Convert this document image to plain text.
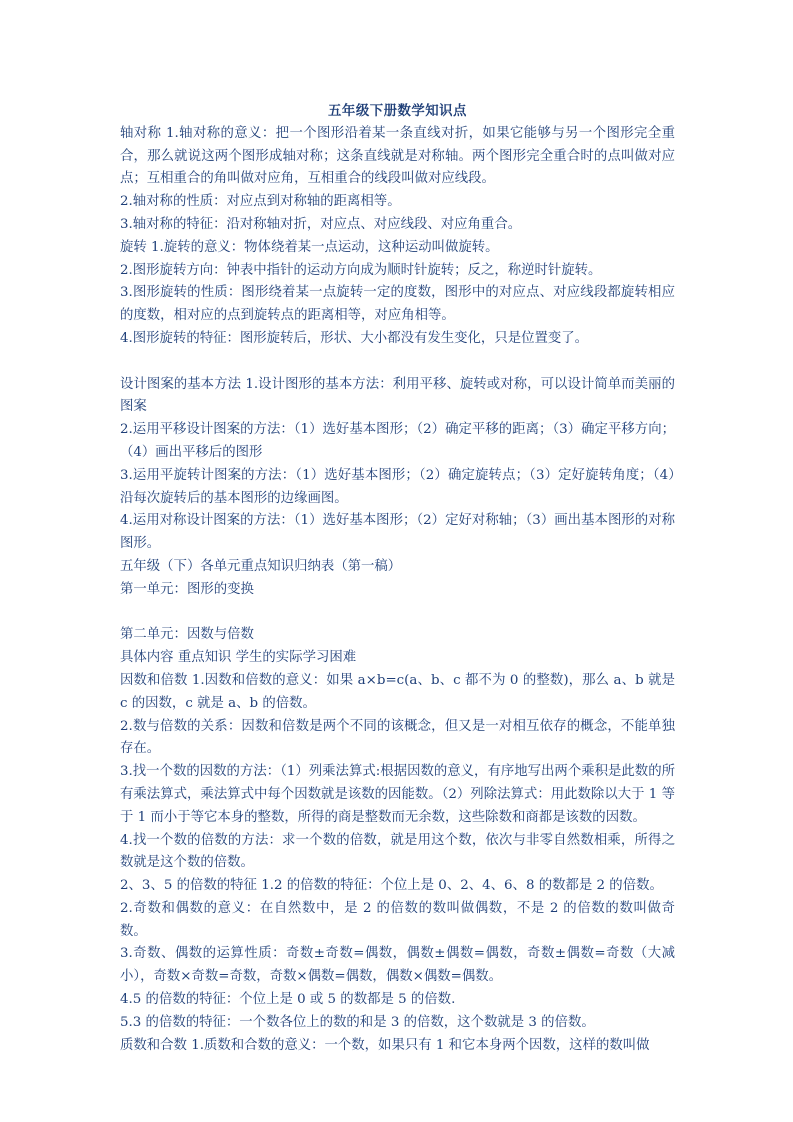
五年级下册数学知识点

轴对称 1.轴对称的意义：把一个图形沿着某一条直线对折，如果它能够与另一个图形完全重合，那么就说这两个图形成轴对称；这条直线就是对称轴。两个图形完全重合时的点叫做对应点；互相重合的角叫做对应角，互相重合的线段叫做对应线段。

2.轴对称的性质：对应点到对称轴的距离相等。

3.轴对称的特征：沿对称轴对折，对应点、对应线段、对应角重合。

旋转 1.旋转的意义：物体绕着某一点运动，这种运动叫做旋转。

2.图形旋转方向：钟表中指针的运动方向成为顺时针旋转；反之，称逆时针旋转。

3.图形旋转的性质：图形绕着某一点旋转一定的度数，图形中的对应点、对应线段都旋转相应的度数，相对应的点到旋转点的距离相等，对应角相等。

4.图形旋转的特征：图形旋转后，形状、大小都没有发生变化，只是位置变了。

设计图案的基本方法 1.设计图形的基本方法：利用平移、旋转或对称，可以设计简单而美丽的图案

2.运用平移设计图案的方法：（1）选好基本图形；（2）确定平移的距离；（3）确定平移方向；（4）画出平移后的图形

3.运用平旋转计图案的方法：（1）选好基本图形；（2）确定旋转点；（3）定好旋转角度；（4）沿每次旋转后的基本图形的边缘画图。

4.运用对称设计图案的方法：（1）选好基本图形；（2）定好对称轴；（3）画出基本图形的对称图形。

五年级（下）各单元重点知识归纳表（第一稿）

第一单元：图形的变换

第二单元：因数与倍数

具体内容 重点知识 学生的实际学习困难

因数和倍数 1.因数和倍数的意义：如果 a×b=c(a、b、c 都不为 0 的整数)，那么 a、b 就是 c 的因数，c 就是 a、b 的倍数。

2.数与倍数的关系：因数和倍数是两个不同的该概念，但又是一对相互依存的概念，不能单独存在。

3.找一个数的因数的方法：（1）列乘法算式:根据因数的意义，有序地写出两个乘积是此数的所有乘法算式，乘法算式中每个因数就是该数的因能数。（2）列除法算式：用此数除以大于 1 等于 1 而小于等它本身的整数，所得的商是整数而无余数，这些除数和商都是该数的因数。

4.找一个数的倍数的方法：求一个数的倍数，就是用这个数，依次与非零自然数相乘，所得之数就是这个数的倍数。

2、3、5 的倍数的特征 1.2 的倍数的特征：个位上是 0、2、4、6、8 的数都是 2 的倍数。

2.奇数和偶数的意义：在自然数中，是 2 的倍数的数叫做偶数，不是 2 的倍数的数叫做奇数。

3.奇数、偶数的运算性质：奇数±奇数=偶数，偶数±偶数=偶数，奇数±偶数=奇数（大减小），奇数×奇数=奇数，奇数×偶数=偶数，偶数×偶数=偶数。

4.5 的倍数的特征：个位上是 0 或 5 的数都是 5 的倍数.

5.3 的倍数的特征：一个数各位上的数的和是 3 的倍数，这个数就是 3 的倍数。

质数和合数 1.质数和合数的意义：一个数，如果只有 1 和它本身两个因数，这样的数叫做
